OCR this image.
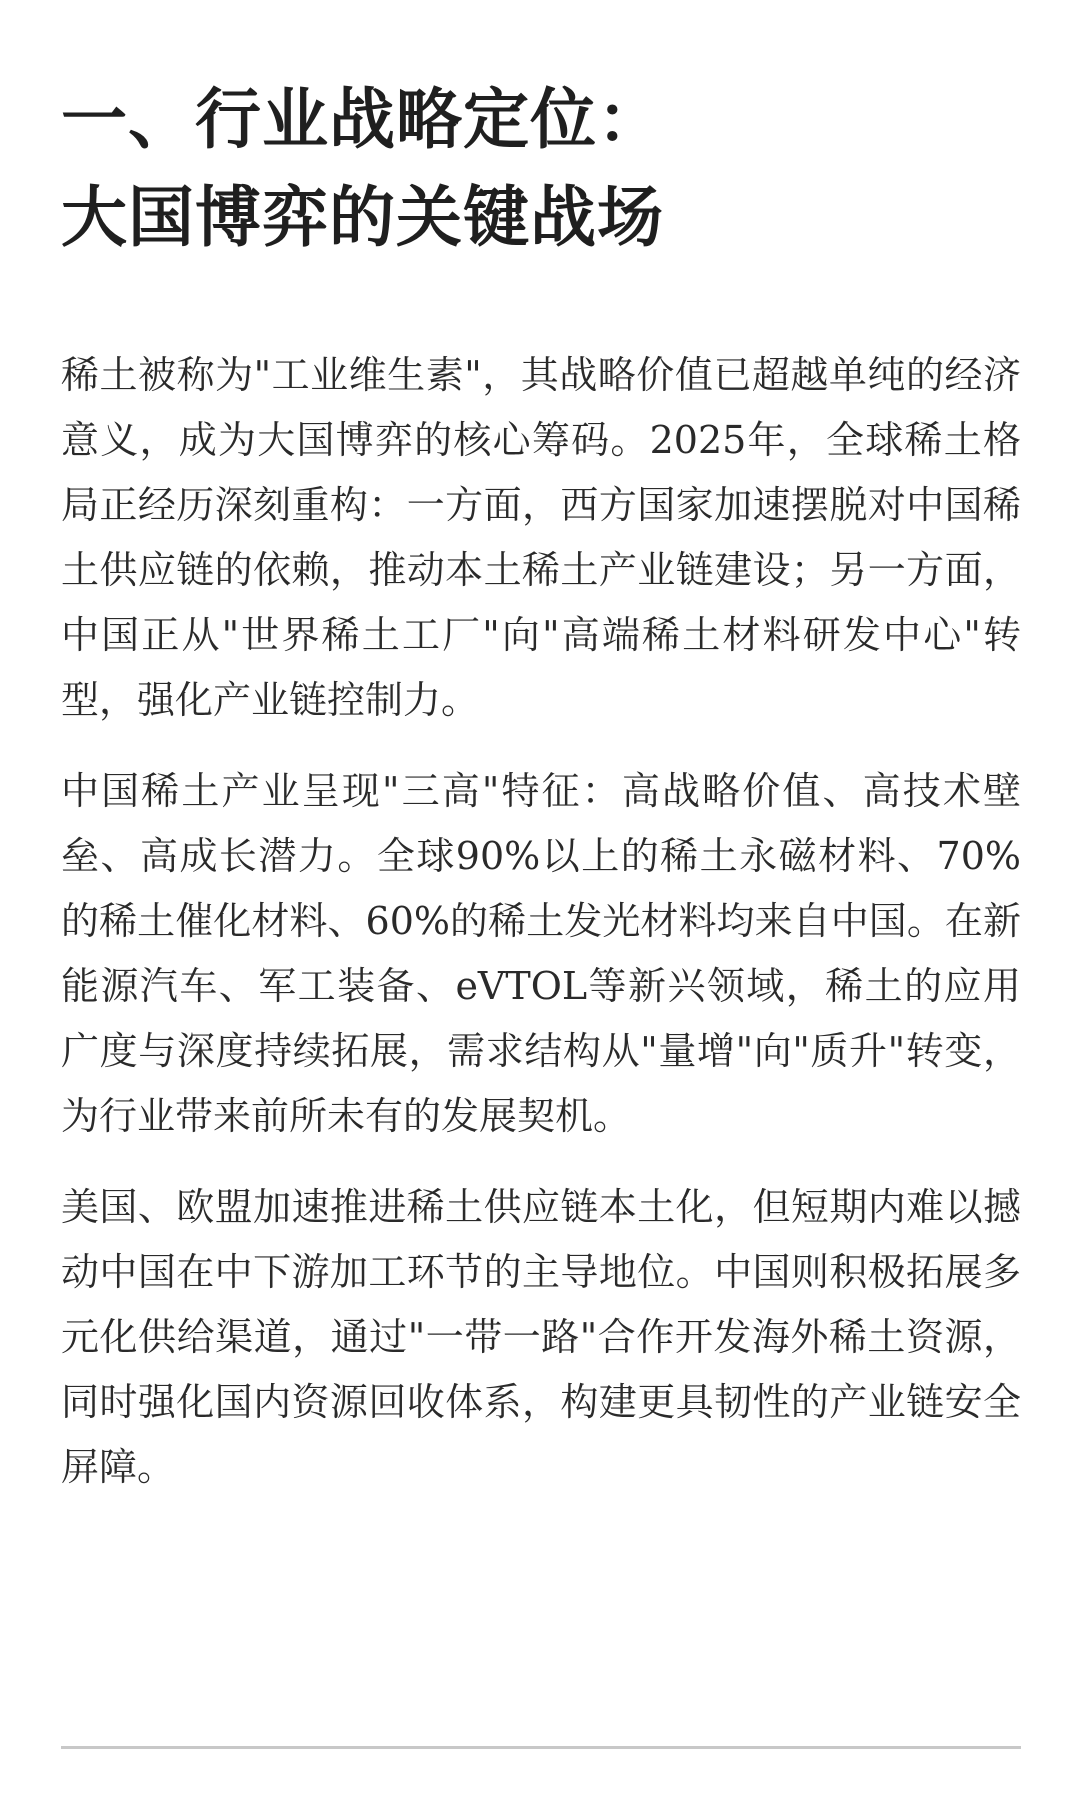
一、行业战略定位：
大国博弈的关键战场

稀土被称为"工业维生素"，其战略价值已超越单纯的经济意义，成为大国博弈的核心筹码。2025年，全球稀土格局正经历深刻重构：一方面，西方国家加速摆脱对中国稀土供应链的依赖，推动本土稀土产业链建设；另一方面，中国正从"世界稀土工厂"向"高端稀土材料研发中心"转型，强化产业链控制力。

中国稀土产业呈现"三高"特征：高战略价值、高技术壁垒、高成长潜力。全球90%以上的稀土永磁材料、70%的稀土催化材料、60%的稀土发光材料均来自中国。在新能源汽车、军工装备、eVTOL等新兴领域，稀土的应用广度与深度持续拓展，需求结构从"量增"向"质升"转变，为行业带来前所未有的发展契机。

美国、欧盟加速推进稀土供应链本土化，但短期内难以撼动中国在中下游加工环节的主导地位。中国则积极拓展多元化供给渠道，通过"一带一路"合作开发海外稀土资源，同时强化国内资源回收体系，构建更具韧性的产业链安全屏障。
